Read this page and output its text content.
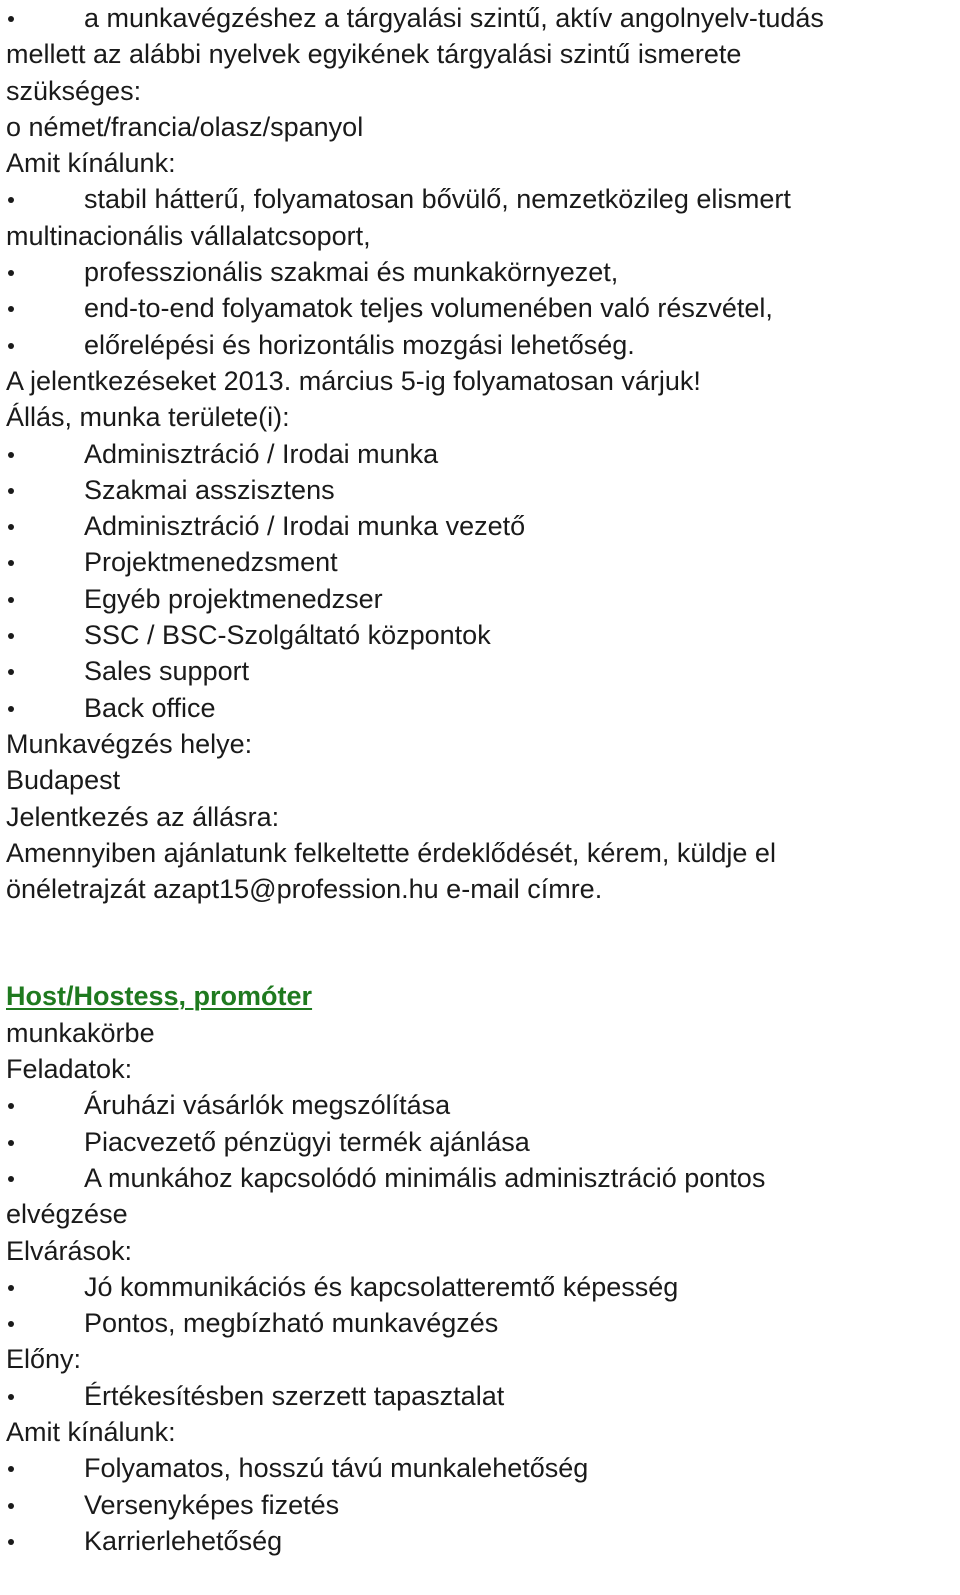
a munkavégzéshez a tárgyalási szintű, aktív angolnyelv-tudás
mellett az alábbi nyelvek egyikének tárgyalási szintű ismerete
szükséges:
o német/francia/olasz/spanyol
Amit kínálunk:
stabil hátterű, folyamatosan bővülő, nemzetközileg elismert
multinacionális vállalatcsoport,
professzionális szakmai és munkakörnyezet,
end-to-end folyamatok teljes volumenében való részvétel,
előrelépési és horizontális mozgási lehetőség.
A jelentkezéseket 2013. március 5-ig folyamatosan várjuk!
Állás, munka területe(i):
Adminisztráció / Irodai munka
Szakmai asszisztens
Adminisztráció / Irodai munka vezető
Projektmenedzsment
Egyéb projektmenedzser
SSC / BSC-Szolgáltató központok
Sales support
Back office
Munkavégzés helye:
Budapest
Jelentkezés az állásra:
Amennyiben ajánlatunk felkeltette érdeklődését, kérem, küldje el
önéletrajzát azapt15@profession.hu e-mail címre.
Host/Hostess, promóter
munkakörbe
Feladatok:
Áruházi vásárlók megszólítása
Piacvezető pénzügyi termék ajánlása
A munkához kapcsolódó minimális adminisztráció pontos
elvégzése
Elvárások:
Jó kommunikációs és kapcsolatteremtő képesség
Pontos, megbízható munkavégzés
Előny:
Értékesítésben szerzett tapasztalat
Amit kínálunk:
Folyamatos, hosszú távú munkalehetőség
Versenyképes fizetés
Karrierlehetőség
